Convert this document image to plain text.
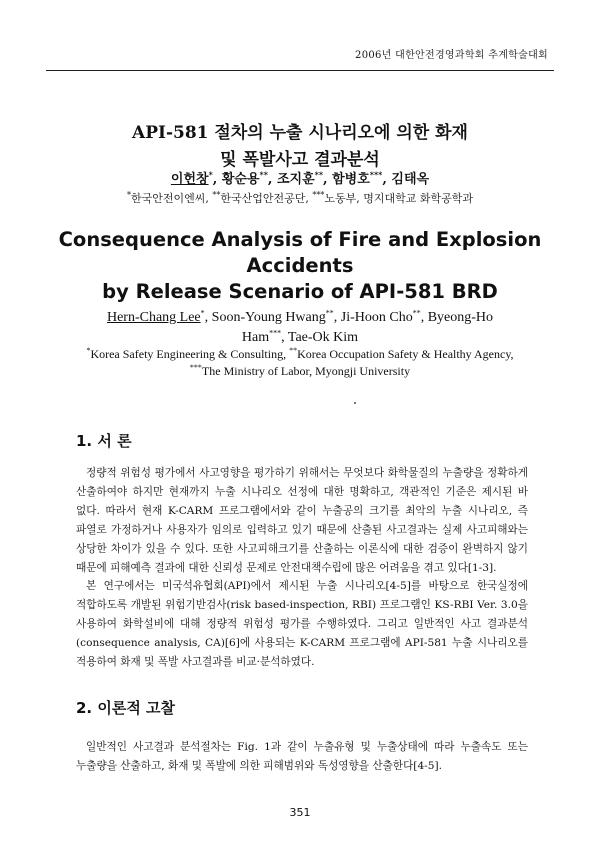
2006년 대한안전경영과학회 추계학술대회
API-581 절차의 누출 시나리오에 의한 화재
및 폭발사고 결과분석
이헌창*, 황순용**, 조지훈**, 함병호***, 김태옥
*한국안전이엔씨, **한국산업안전공단, ***노동부, 명지대학교 화학공학과
Consequence Analysis of Fire and Explosion
Accidents
by Release Scenario of API-581 BRD
Hern-Chang Lee*, Soon-Young Hwang**, Ji-Hoon Cho**, Byeong-Ho Ham***, Tae-Ok Kim
*Korea Safety Engineering & Consulting, **Korea Occupation Safety & Healthy Agency,
***The Ministry of Labor, Myongji University
1. 서 론
정량적 위험성 평가에서 사고영향을 평가하기 위해서는 무엇보다 화학물질의 누출량을 정확하게 산출하여야 하지만 현재까지 누출 시나리오 선정에 대한 명확하고, 객관적인 기준은 제시된 바 없다. 따라서 현재 K-CARM 프로그램에서와 같이 누출공의 크기를 최악의 누출 시나리오, 즉 파열로 가정하거나 사용자가 임의로 입력하고 있기 때문에 산출된 사고결과는 실제 사고피해와는 상당한 차이가 있을 수 있다. 또한 사고피해크기를 산출하는 이론식에 대한 검증이 완벽하지 않기 때문에 피해예측 결과에 대한 신뢰성 문제로 안전대책수립에 많은 어려움을 겪고 있다[1-3].
본 연구에서는 미국석유협회(API)에서 제시된 누출 시나리오[4-5]를 바탕으로 한국실정에 적합하도록 개발된 위험기반검사(risk based-inspection, RBI) 프로그램인 KS-RBI Ver. 3.0을 사용하여 화학설비에 대해 정량적 위험성 평가를 수행하였다. 그리고 일반적인 사고 결과분석(consequence analysis, CA)[6]에 사용되는 K-CARM 프로그램에 API-581 누출 시나리오를 적용하여 화재 및 폭발 사고결과를 비교·분석하였다.
2. 이론적 고찰
일반적인 사고결과 분석절차는 Fig. 1과 같이 누출유형 및 누출상태에 따라 누출속도 또는 누출량을 산출하고, 화재 및 폭발에 의한 피해범위와 독성영향을 산출한다[4-5].
351
